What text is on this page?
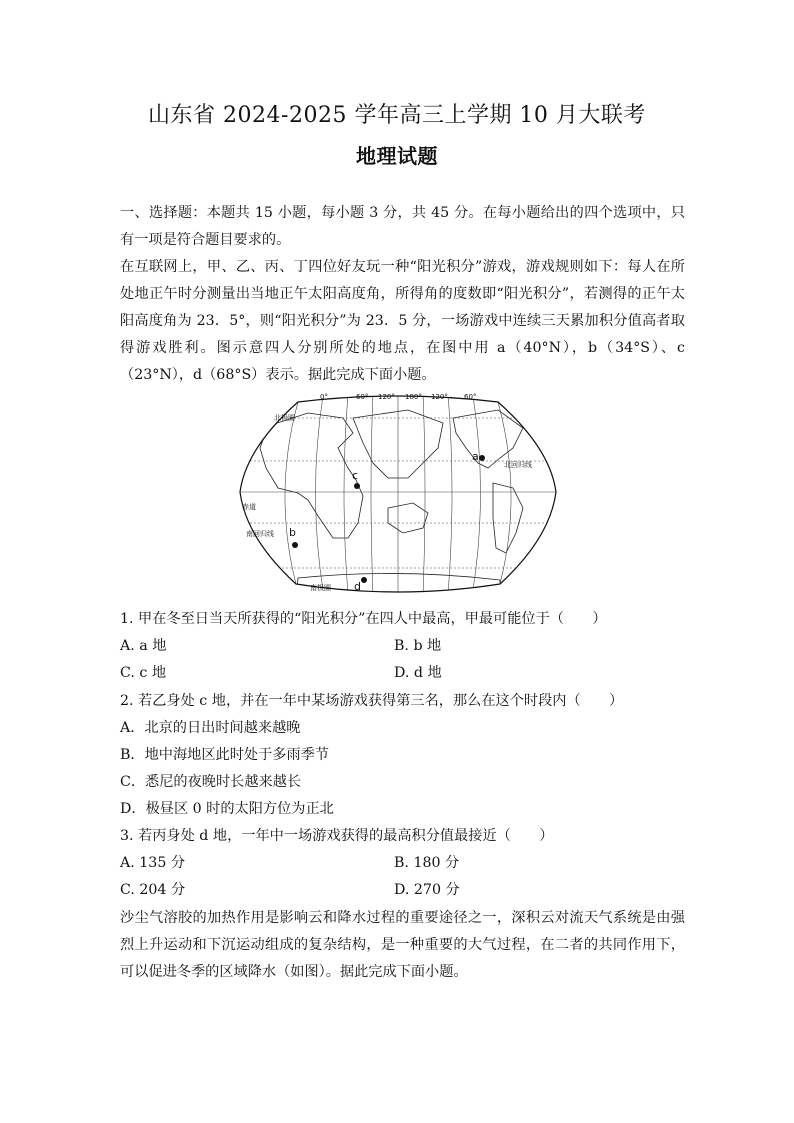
山东省 2024-2025 学年高三上学期 10 月大联考
地理试题
一、选择题：本题共 15 小题，每小题 3 分，共 45 分。在每小题给出的四个选项中，只有一项是符合题目要求的。
在互联网上，甲、乙、丙、丁四位好友玩一种“阳光积分”游戏，游戏规则如下：每人在所处地正午时分测量出当地正午太阳高度角，所得角的度数即“阳光积分”，若测得的正午太阳高度角为 23．5°，则“阳光积分”为 23．5 分，一场游戏中连续三天累加积分值高者取得游戏胜利。图示意四人分别所处的地点，在图中用 a（40°N），b（34°S）、c（23°N），d（68°S）表示。据此完成下面小题。
0°	60° 120° 180° 120° 60°
北极圈
赤道
南回归线
南极圈
北回归线
a
b
c
d
1. 甲在冬至日当天所获得的“阳光积分”在四人中最高，甲最可能位于（　　）
A. a 地	B. b 地
C. c 地	D. d 地
2. 若乙身处 c 地，并在一年中某场游戏获得第三名，那么在这个时段内（　　）
A．北京的日出时间越来越晚
B．地中海地区此时处于多雨季节
C．悉尼的夜晚时长越来越长
D．极昼区 0 时的太阳方位为正北
3. 若丙身处 d 地，一年中一场游戏获得的最高积分值最接近（　　）
A. 135 分	B. 180 分
C. 204 分	D. 270 分
沙尘气溶胶的加热作用是影响云和降水过程的重要途径之一，深积云对流天气系统是由强烈上升运动和下沉运动组成的复杂结构，是一种重要的大气过程，在二者的共同作用下，可以促进冬季的区域降水（如图）。据此完成下面小题。
